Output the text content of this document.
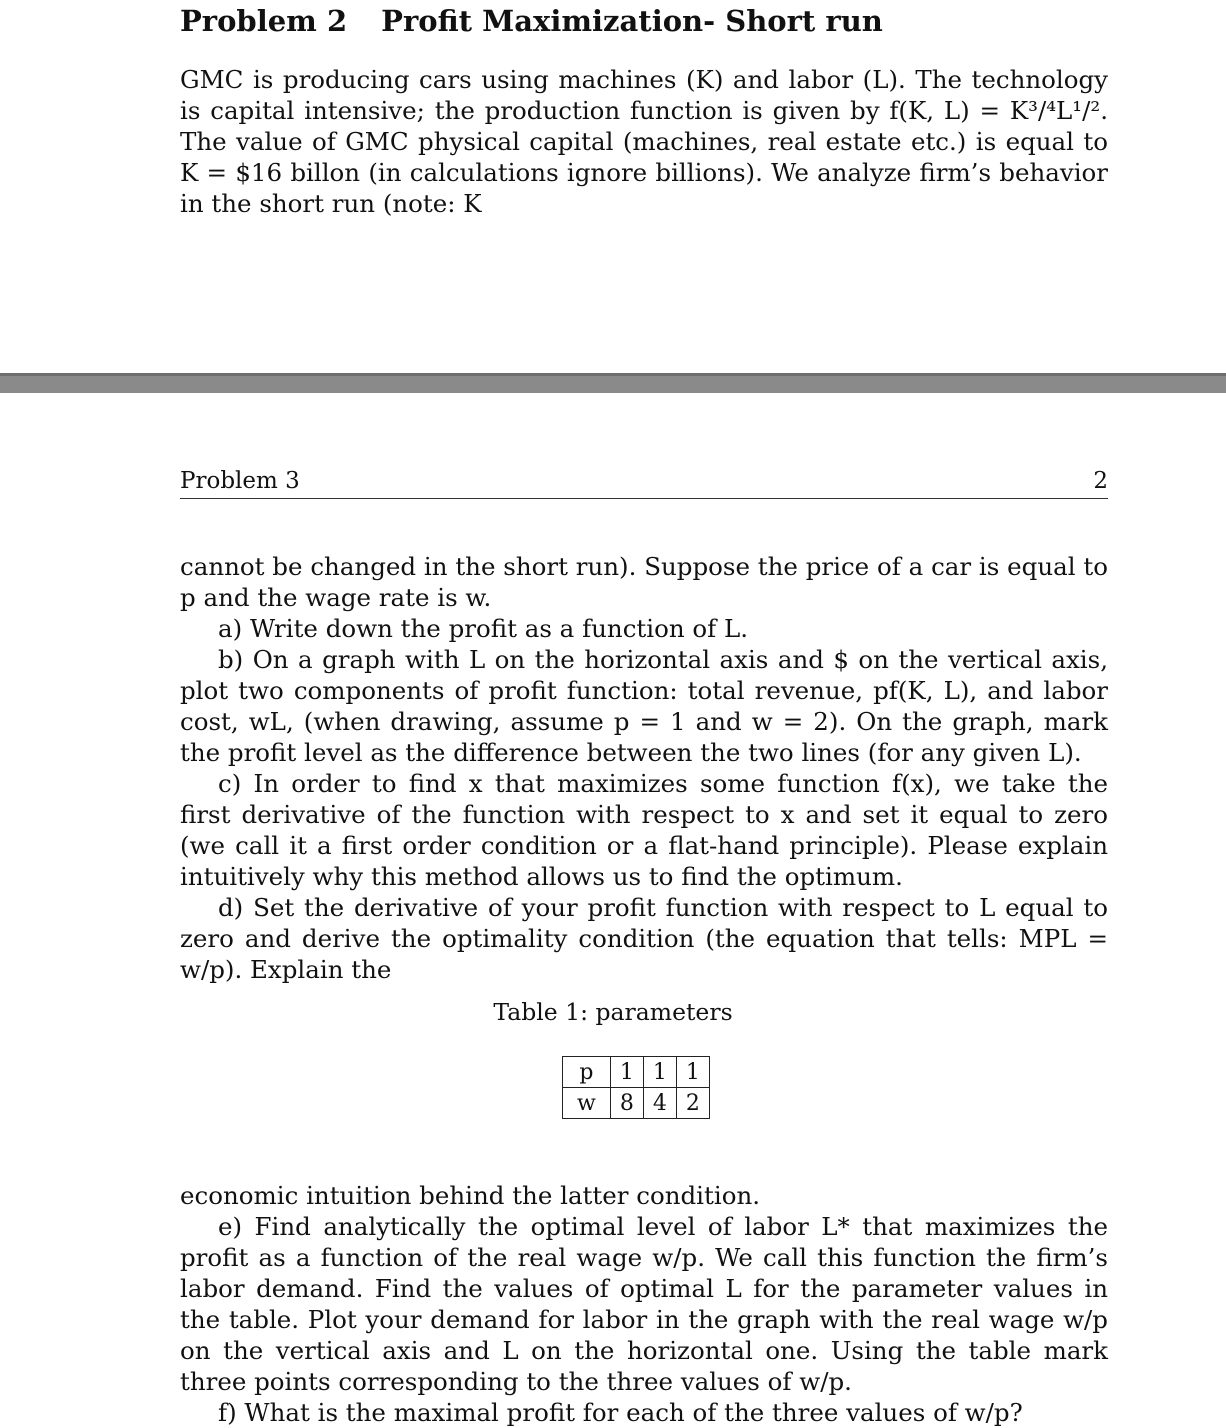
Problem 2 Profit Maximization- Short run

GMC is producing cars using machines (K) and labor (L). The technology is capital intensive; the production function is given by f(K, L) = K³/⁴L¹/². The value of GMC physical capital (machines, real estate etc.) is equal to K = $16 billon (in calculations ignore billions). We analyze firm’s behavior in the short run (note: K

Problem 3	2

cannot be changed in the short run). Suppose the price of a car is equal to p and the wage rate is w.

a) Write down the profit as a function of L.

b) On a graph with L on the horizontal axis and $ on the vertical axis, plot two components of profit function: total revenue, pf(K, L), and labor cost, wL, (when drawing, assume p = 1 and w = 2). On the graph, mark the profit level as the difference between the two lines (for any given L).

c) In order to find x that maximizes some function f(x), we take the first derivative of the function with respect to x and set it equal to zero (we call it a first order condition or a flat-hand principle). Please explain intuitively why this method allows us to find the optimum.

d) Set the derivative of your profit function with respect to L equal to zero and derive the optimality condition (the equation that tells: MPL = w/p). Explain the

Table 1: parameters
p	1	1	1
w	8	4	2

economic intuition behind the latter condition.

e) Find analytically the optimal level of labor L* that maximizes the profit as a function of the real wage w/p. We call this function the firm’s labor demand. Find the values of optimal L for the parameter values in the table. Plot your demand for labor in the graph with the real wage w/p on the vertical axis and L on the horizontal one. Using the table mark three points corresponding to the three values of w/p.

f) What is the maximal profit for each of the three values of w/p?
